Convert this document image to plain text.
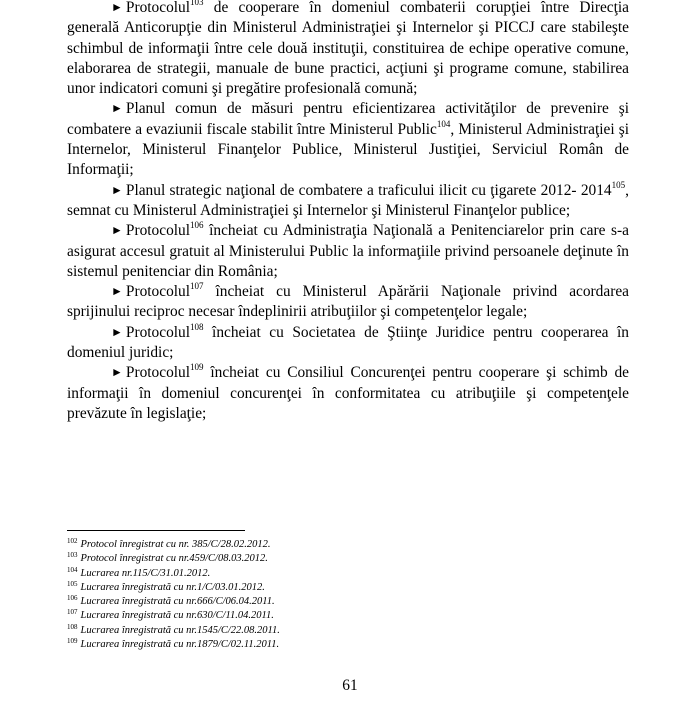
► Protocolul$^{103}$ de cooperare în domeniul combaterii corupţiei între Direcţia generală Anticorupţie din Ministerul Administraţiei şi Internelor şi PICCJ care stabileşte schimbul de informaţii între cele două instituţii, constituirea de echipe operative comune, elaborarea de strategii, manuale de bune practici, acţiuni şi programe comune, stabilirea unor indicatori comuni şi pregătire profesională comună;

► Planul comun de măsuri pentru eficientizarea activităţilor de prevenire şi combatere a evaziunii fiscale stabilit între Ministerul Public$^{104}$, Ministerul Administraţiei şi Internelor, Ministerul Finanţelor Publice, Ministerul Justiţiei, Serviciul Român de Informaţii;

► Planul strategic naţional de combatere a traficului ilicit cu ţigarete 2012- 2014$^{105}$, semnat cu Ministerul Administraţiei şi Internelor şi Ministerul Finanţelor publice;

► Protocolul$^{106}$ încheiat cu Administraţia Naţională a Penitenciarelor prin care s-a asigurat accesul gratuit al Ministerului Public la informaţiile privind persoanele deţinute în sistemul penitenciar din România;

► Protocolul$^{107}$ încheiat cu Ministerul Apărării Naţionale privind acordarea sprijinului reciproc necesar îndeplinirii atribuţiilor şi competenţelor legale;

► Protocolul$^{108}$ încheiat cu Societatea de Ştiinţe Juridice pentru cooperarea în domeniul juridic;

► Protocolul$^{109}$ încheiat cu Consiliul Concurenţei pentru cooperare şi schimb de informaţii în domeniul concurenţei în conformitatea cu atribuţiile şi competenţele prevăzute în legislaţie;

$^{102}$ Protocol înregistrat cu nr. 385/C/28.02.2012.
$^{103}$ Protocol înregistrat cu nr.459/C/08.03.2012.
$^{104}$ Lucrarea nr.115/C/31.01.2012.
$^{105}$ Lucrarea înregistrată cu nr.1/C/03.01.2012.
$^{106}$ Lucrarea înregistrată cu nr.666/C/06.04.2011.
$^{107}$ Lucrarea înregistrată cu nr.630/C/11.04.2011.
$^{108}$ Lucrarea înregistrată cu nr.1545/C/22.08.2011.
$^{109}$ Lucrarea înregistrată cu nr.1879/C/02.11.2011.
61
